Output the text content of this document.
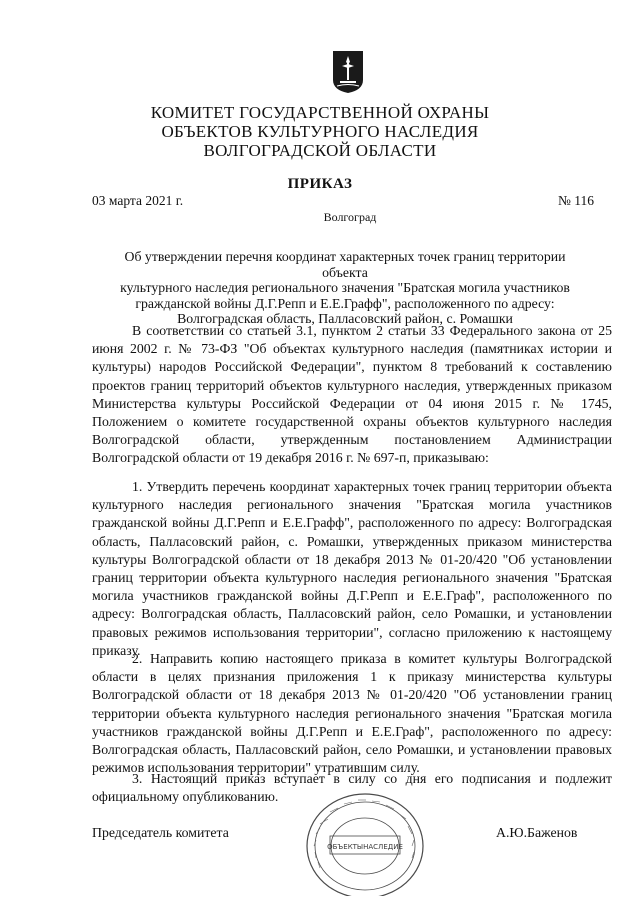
КОМИТЕТ ГОСУДАРСТВЕННОЙ ОХРАНЫ
ОБЪЕКТОВ КУЛЬТУРНОГО НАСЛЕДИЯ
ВОЛГОГРАДСКОЙ ОБЛАСТИ
ПРИКАЗ
03 марта 2021 г.	№ 116
Волгоград
Об утверждении перечня координат характерных точек границ территории объекта
культурного наследия регионального значения "Братская могила участников
гражданской войны Д.Г.Репп и Е.Е.Графф", расположенного по адресу:
Волгоградская область, Палласовский район, с. Ромашки
В соответствии со статьей 3.1, пунктом 2 статьи 33 Федерального закона от 25 июня 2002 г. № 73-ФЗ "Об объектах культурного наследия (памятниках истории и культуры) народов Российской Федерации", пунктом 8 требований к составлению проектов границ территорий объектов культурного наследия, утвержденных приказом Министерства культуры Российской Федерации от 04 июня 2015 г. № 1745, Положением о комитете государственной охраны объектов культурного наследия Волгоградской области, утвержденным постановлением Администрации Волгоградской области от 19 декабря 2016 г. № 697-п, приказываю:
1. Утвердить перечень координат характерных точек границ территории объекта культурного наследия регионального значения "Братская могила участников гражданской войны Д.Г.Репп и Е.Е.Графф", расположенного по адресу: Волгоградская область, Палласовский район, с. Ромашки, утвержденных приказом министерства культуры Волгоградской области от 18 декабря 2013 № 01-20/420 "Об установлении границ территории объекта культурного наследия регионального значения "Братская могила участников гражданской войны Д.Г.Репп и Е.Е.Граф", расположенного по адресу: Волгоградская область, Палласовский район, село Ромашки, и установлении правовых режимов использования территории", согласно приложению к настоящему приказу.
2. Направить копию настоящего приказа в комитет культуры Волгоградской области в целях признания приложения 1 к приказу министерства культуры Волгоградской области от 18 декабря 2013 № 01-20/420 "Об установлении границ территории объекта культурного наследия регионального значения "Братская могила участников гражданской войны Д.Г.Репп и Е.Е.Граф", расположенного по адресу: Волгоградская область, Палласовский район, село Ромашки, и установлении правовых режимов использования территории" утратившим силу.
3. Настоящий приказ вступает в силу со дня его подписания и подлежит официальному опубликованию.
Председатель комитета	А.Ю.Баженов
ОБЪЕКТЫНАСЛЕДИЕ
